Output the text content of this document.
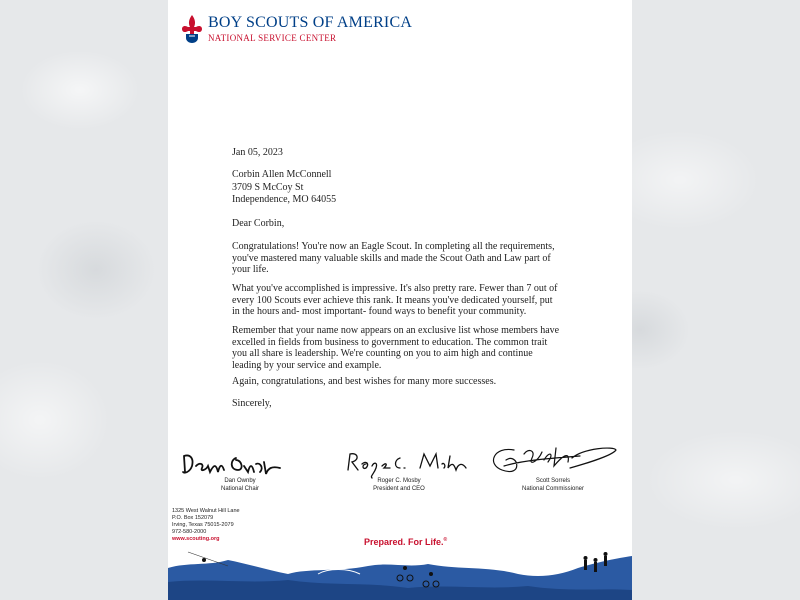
BOY SCOUTS OF AMERICA
NATIONAL SERVICE CENTER
Jan 05, 2023
Corbin Allen McConnell
3709 S McCoy St
Independence, MO 64055
Dear Corbin,
Congratulations! You're now an Eagle Scout. In completing all the requirements, you've mastered many valuable skills and made the Scout Oath and Law part of your life.
What you've accomplished is impressive. It's also pretty rare. Fewer than 7 out of every 100 Scouts ever achieve this rank. It means you've dedicated yourself, put in the hours and- most important- found ways to benefit your community.
Remember that your name now appears on an exclusive list whose members have excelled in fields from business to government to education. The common trait you all share is leadership. We're counting on you to aim high and continue leading by your service and example.
Again, congratulations, and best wishes for many more successes.
Sincerely,
Dan Ownby
National Chair
Roger C. Mosby
President and CEO
Scott Sorrels
National Commissioner
1325 West Walnut Hill Lane
P.O. Box 152079
Irving, Texas 75015-2079
972-580-2000
www.scouting.org	Prepared. For Life.®
